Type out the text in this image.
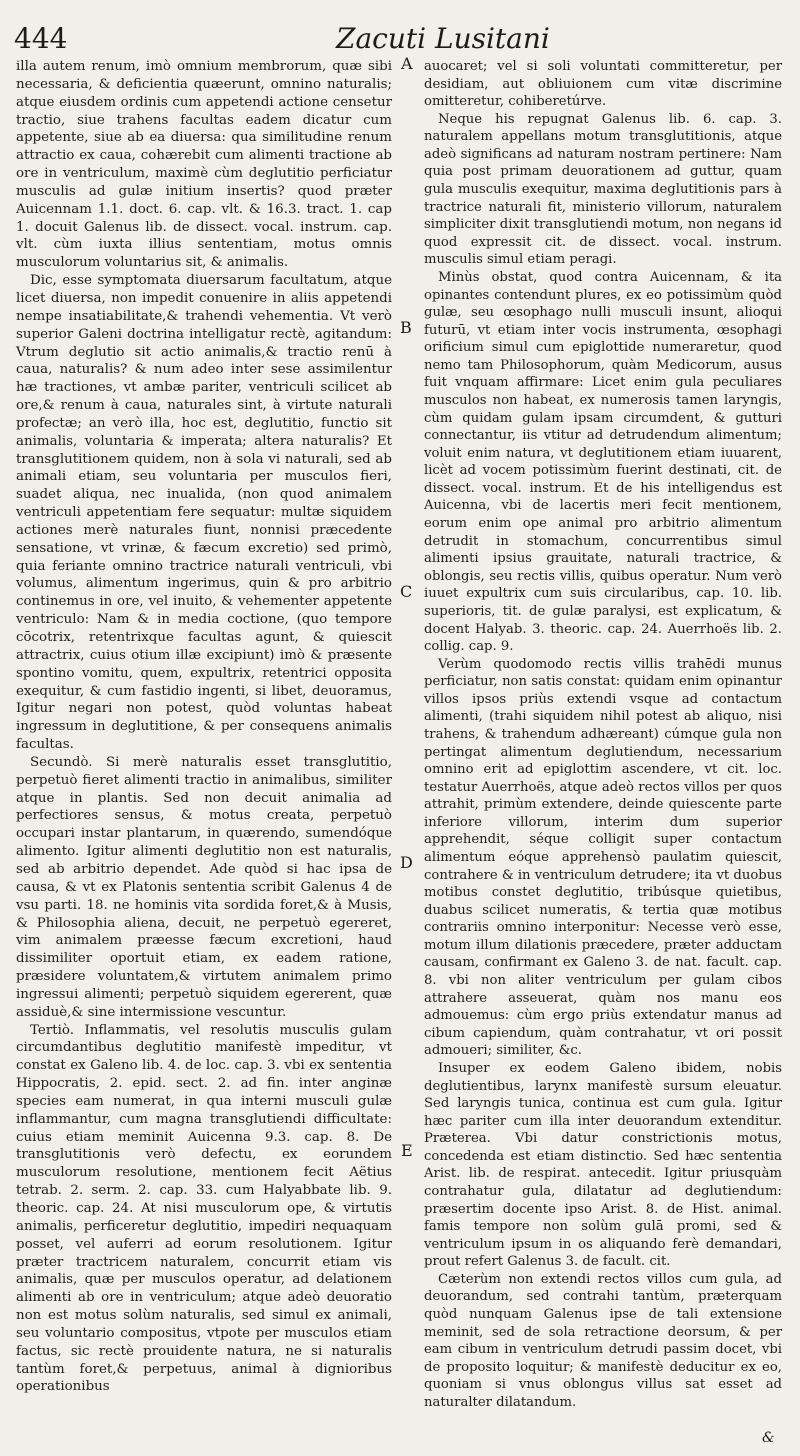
444	Zacuti Lusitani

illa autem renum, imò omnium membrorum, quæ sibi necessaria, & deficientia quæerunt, omnino naturalis; atque eiusdem ordinis cum appetendi actione censetur tractio, siue trahens facultas eadem dicatur cum appetente, siue ab ea diuersa: qua similitudine renum attractio ex caua, cohærebit cum alimenti tractione ab ore in ventriculum, maximè cùm deglutitio perficiatur musculis ad gulæ initium insertis? quod præter Auicennam 1.1. doct. 6. cap. vlt. & 16.3. tract. 1. cap 1. docuit Galenus lib. de dissect. vocal. instrum. cap. vlt. cùm iuxta illius sententiam, motus omnis musculorum voluntarius sit, & animalis.

Dic, esse symptomata diuersarum facultatum, atque licet diuersa, non impedit conuenire in aliis appetendi nempe insatiabilitate,& trahendi vehementia. Vt verò superior Galeni doctrina intelligatur rectè, agitandum: Vtrum deglutio sit actio animalis,& tractio renū à caua, naturalis? & num adeo inter sese assimilentur hæ tractiones, vt ambæ pariter, ventriculi scilicet ab ore,& renum à caua, naturales sint, à virtute naturali profectæ; an verò illa, hoc est, deglutitio, functio sit animalis, voluntaria & imperata; altera naturalis? Et transglutitionem quidem, non à sola vi naturali, sed ab animali etiam, seu voluntaria per musculos fieri, suadet aliqua, nec inualida, (non quod animalem ventriculi appetentiam fere sequatur: multæ siquidem actiones merè naturales fiunt, nonnisi præcedente sensatione, vt vrinæ, & fæcum excretio) sed primò, quia feriante omnino tractrice naturali ventriculi, vbi volumus, alimentum ingerimus, quin & pro arbitrio continemus in ore, vel inuito, & vehementer appetente ventriculo: Nam & in media coctione, (quo tempore cōcotrix, retentrixque facultas agunt, & quiescit attractrix, cuius otium illæ excipiunt) imò & præsente spontino vomitu, quem, expultrix, retentrici opposita exequitur, & cum fastidio ingenti, si libet, deuoramus, Igitur negari non potest, quòd voluntas habeat ingressum in deglutitione, & per consequens animalis facultas.

Secundò. Si merè naturalis esset transglutitio, perpetuò fieret alimenti tractio in animalibus, similiter atque in plantis. Sed non decuit animalia ad perfectiores sensus, & motus creata, perpetuò occupari instar plantarum, in quærendo, sumendóque alimento. Igitur alimenti deglutitio non est naturalis, sed ab arbitrio dependet. Ade quòd si hac ipsa de causa, & vt ex Platonis sententia scribit Galenus 4 de vsu parti. 18. ne hominis vita sordida foret,& à Musis, & Philosophia aliena, decuit, ne perpetuò egereret, vim animalem præesse fæcum excretioni, haud dissimiliter oportuit etiam, ex eadem ratione, præsidere voluntatem,& virtutem animalem primo ingressui alimenti; perpetuò siquidem egererent, quæ assiduè,& sine intermissione vescuntur.

Tertiò. Inflammatis, vel resolutis musculis gulam circumdantibus deglutitio manifestè impeditur, vt constat ex Galeno lib. 4. de loc. cap. 3. vbi ex sententia Hippocratis, 2. epid. sect. 2. ad fin. inter anginæ species eam numerat, in qua interni musculi gulæ inflammantur, cum magna transglutiendi difficultate: cuius etiam meminit Auicenna 9.3. cap. 8. De transglutitionis verò defectu, ex eorundem musculorum resolutione, mentionem fecit Aëtius tetrab. 2. serm. 2. cap. 33. cum Halyabbate lib. 9. theoric. cap. 24. At nisi musculorum ope, & virtutis animalis, perficeretur deglutitio, impediri nequaquam posset, vel auferri ad eorum resolutionem. Igitur præter tractricem naturalem, concurrit etiam vis animalis, quæ per musculos operatur, ad delationem alimenti ab ore in ventriculum; atque adeò deuoratio non est motus solùm naturalis, sed simul ex animali, seu voluntario compositus, vtpote per musculos etiam factus, sic rectè prouidente natura, ne si naturalis tantùm foret,& perpetuus, animal à dignioribus operationibus

A
B
C
D
E

auocaret; vel si soli voluntati committeretur, per desidiam, aut obliuionem cum vitæ discrimine omitteretur, cohiberetúrve.

Neque his repugnat Galenus lib. 6. cap. 3. naturalem appellans motum transglutitionis, atque adeò significans ad naturam nostram pertinere: Nam quia post primam deuorationem ad guttur, quam gula musculis exequitur, maxima deglutitionis pars à tractrice naturali fit, ministerio villorum, naturalem simpliciter dixit transglutiendi motum, non negans id quod expressit cit. de dissect. vocal. instrum. musculis simul etiam peragi.

Minùs obstat, quod contra Auicennam, & ita opinantes contendunt plures, ex eo potissimùm quòd gulæ, seu œsophago nulli musculi insunt, alioqui futurū, vt etiam inter vocis instrumenta, œsophagi orificium simul cum epiglottide numeraretur, quod nemo tam Philosophorum, quàm Medicorum, ausus fuit vnquam affirmare: Licet enim gula peculiares musculos non habeat, ex numerosis tamen laryngis, cùm quidam gulam ipsam circumdent, & gutturi connectantur, iis vtitur ad detrudendum alimentum; voluit enim natura, vt deglutitionem etiam iuuarent, licèt ad vocem potissimùm fuerint destinati, cit. de dissect. vocal. instrum. Et de his intelligendus est Auicenna, vbi de lacertis meri fecit mentionem, eorum enim ope animal pro arbitrio alimentum detrudit in stomachum, concurrentibus simul alimenti ipsius grauitate, naturali tractrice, & oblongis, seu rectis villis, quibus operatur. Num verò iuuet expultrix cum suis circularibus, cap. 10. lib. superioris, tit. de gulæ paralysi, est explicatum, & docent Halyab. 3. theoric. cap. 24. Auerrhoës lib. 2. collig. cap. 9.

Verùm quodomodo rectis villis trahēdi munus perficiatur, non satis constat: quidam enim opinantur villos ipsos priùs extendi vsque ad contactum alimenti, (trahi siquidem nihil potest ab aliquo, nisi trahens, & trahendum adhæreant) cúmque gula non pertingat alimentum deglutiendum, necessarium omnino erit ad epiglottim ascendere, vt cit. loc. testatur Auerrhoës, atque adeò rectos villos per quos attrahit, primùm extendere, deinde quiescente parte inferiore villorum, interim dum superior apprehendit, séque colligit super contactum alimentum eóque apprehensò paulatim quiescit, contrahere & in ventriculum detrudere; ita vt duobus motibus constet deglutitio, tribúsque quietibus, duabus scilicet numeratis, & tertia quæ motibus contrariis omnino interponitur: Necesse verò esse, motum illum dilationis præcedere, præter adductam causam, confirmant ex Galeno 3. de nat. facult. cap. 8. vbi non aliter ventriculum per gulam cibos attrahere asseuerat, quàm nos manu eos admouemus: cùm ergo priùs extendatur manus ad cibum capiendum, quàm contrahatur, vt ori possit admoueri; similiter, &c.

Insuper ex eodem Galeno ibidem, nobis deglutientibus, larynx manifestè sursum eleuatur. Sed laryngis tunica, continua est cum gula. Igitur hæc pariter cum illa inter deuorandum extenditur. Præterea. Vbi datur constrictionis motus, concedenda est etiam distinctio. Sed hæc sententia Arist. lib. de respirat. antecedit. Igitur priusquàm contrahatur gula, dilatatur ad deglutiendum: præsertim docente ipso Arist. 8. de Hist. animal. famis tempore non solùm gulā promi, sed & ventriculum ipsum in os aliquando ferè demandari, prout refert Galenus 3. de facult. cit.

Cæterùm non extendi rectos villos cum gula, ad deuorandum, sed contrahi tantùm, præterquam quòd nunquam Galenus ipse de tali extensione meminit, sed de sola retractione deorsum, & per eam cibum in ventriculum detrudi passim docet, vbi de proposito loquitur; & manifestè deducitur ex eo, quoniam si vnus oblongus villus sat esset ad naturalter dilatandum.

&
